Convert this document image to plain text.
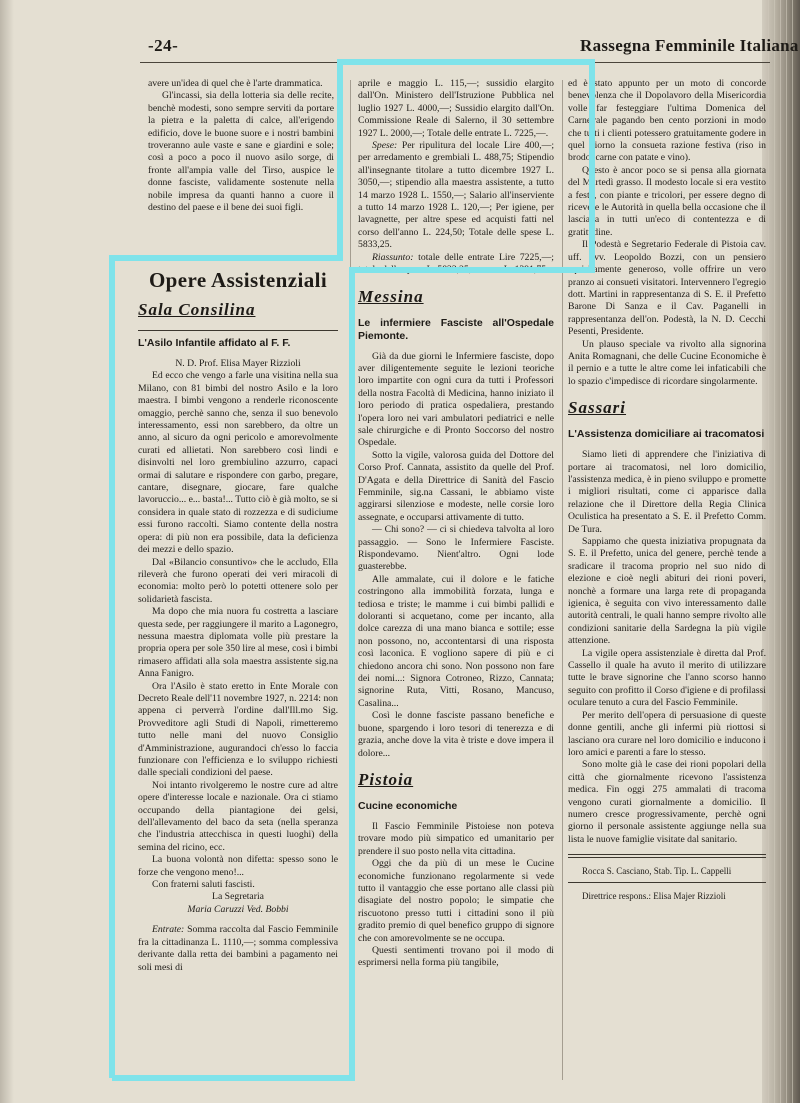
-24-	Rassegna Femminile Italiana

avere un'idea di quel che è l'arte drammatica.

Gl'incassi, sia della lotteria sia delle recite, benchè modesti, sono sempre serviti da portare la pietra e la paletta di calce, all'erigendo edificio, dove le buone suore e i nostri bambini troveranno aule vaste e sane e giardini e sole; così a poco a poco il nuovo asilo sorge, di fronte all'ampia valle del Tirso, auspice le donne fasciste, validamente sostenute nella nobile impresa da quanti hanno a cuore il destino del paese e il bene dei suoi figli.

Opere Assistenziali
Sala Consilina
L'Asilo Infantile affidato al F. F.

N. D. Prof. Elisa Mayer Rizzioli

Ed ecco che vengo a farle una visitina nella sua Milano, con 81 bimbi del nostro Asilo e la loro maestra. I bimbi vengono a renderle riconoscente omaggio, perchè sanno che, senza il suo benevolo interessamento, essi non sarebbero, da oltre un anno, al sicuro da ogni pericolo e amorevolmente curati ed allietati. Non sarebbero così lindi e disinvolti nel loro grembiulino azzurro, capaci ormai di salutare e rispondere con garbo, pregare, cantare, disegnare, giocare, fare qualche lavoruccio... e... basta!... Tutto ciò è già molto, se si considera in quale stato di rozzezza e di sudiciume essi furono raccolti. Siamo contente della nostra opera: di più non era possibile, data la deficienza dei mezzi e dello spazio.

Dal «Bilancio consuntivo» che le accludo, Ella rileverà che furono operati dei veri miracoli di economia: molto però lo potetti ottenere solo per solidarietà fascista.

Ma dopo che mia nuora fu costretta a lasciare questa sede, per raggiungere il marito a Lagonegro, nessuna maestra diplomata volle più prestare la propria opera per sole 350 lire al mese, così i bimbi rimasero affidati alla sola maestra assistente sig.na Anna Fanigro.

Ora l'Asilo è stato eretto in Ente Morale con Decreto Reale dell'11 novembre 1927, n. 2214: non appena ci perverrà l'ordine dall'Ill.mo Sig. Provveditore agli Studi di Napoli, rimetteremo tutto nelle mani del nuovo Consiglio d'Amministrazione, augurandoci ch'esso lo faccia funzionare con l'efficienza e lo sviluppo richiesti dalle speciali condizioni del paese.

Noi intanto rivolgeremo le nostre cure ad altre opere d'interesse locale e nazionale. Ora ci stiamo occupando della piantagione dei gelsi, dell'allevamento del baco da seta (nella speranza che l'industria attecchisca in questi luoghi) della semina del ricino, ecc.

La buona volontà non difetta: spesso sono le forze che vengono meno!...

Con fraterni saluti fascisti.

La Segretaria

Maria Caruzzi Ved. Bobbi

Entrate: Somma raccolta dal Fascio Femminile fra la cittadinanza L. 1110,—; somma complessiva derivante dalla retta dei bambini a pagamento nei soli mesi di

aprile e maggio L. 115,—; sussidio elargito dall'On. Ministero dell'Istruzione Pubblica nel luglio 1927 L. 4000,—; Sussidio elargito dall'On. Commissione Reale di Salerno, il 30 settembre 1927 L. 2000,—; Totale delle entrate L. 7225,—.

Spese: Per ripulitura del locale Lire 400,—; per arredamento e grembiali L. 488,75; Stipendio all'insegnante titolare a tutto dicembre 1927 L. 3050,—; stipendio alla maestra assistente, a tutto 14 marzo 1928 L. 1550,—; Salario all'inserviente a tutto 14 marzo 1928 L. 120,—; Per igiene, per lavagnette, per altre spese ed acquisti fatti nel corso dell'anno L. 224,50; Totale delle spese L. 5833,25.

Riassunto: totale delle entrate Lire 7225,—; totale delle spese L. 5833,25; avanzo L. 1391,75.

Messina
Le infermiere Fasciste all'Ospedale Piemonte.

Già da due giorni le Infermiere fasciste, dopo aver diligentemente seguite le lezioni teoriche loro impartite con ogni cura da tutti i Professori della nostra Facoltà di Medicina, hanno iniziato il loro periodo di pratica ospedaliera, prestando l'opera loro nei vari ambulatori pediatrici e nelle sale chirurgiche e di Pronto Soccorso del nostro Ospedale.

Sotto la vigile, valorosa guida del Dottore del Corso Prof. Cannata, assistito da quelle del Prof. D'Agata e della Direttrice di Sanità del Fascio Femminile, sig.na Cassani, le abbiamo viste aggirarsi silenziose e modeste, nelle corsie loro assegnate, e occuparsi attivamente di tutto.

— Chi sono? — ci si chiedeva talvolta al loro passaggio. — Sono le Infermiere Fasciste. Rispondevamo. Nient'altro. Ogni lode guasterebbe.

Alle ammalate, cui il dolore e le fatiche costringono alla immobilità forzata, lunga e tediosa e triste; le mamme i cui bimbi pallidi e doloranti si acquetano, come per incanto, alla dolce carezza di una mano bianca e sottile; esse non possono, no, accontentarsi di una risposta così laconica. E vogliono sapere di più e ci chiedono ancora chi sono. Non possono non fare dei nomi...: Signora Cotroneo, Rizzo, Cannata; signorine Ruta, Vitti, Rosano, Mancuso, Casalina...

Così le donne fasciste passano benefiche e buone, spargendo i loro tesori di tenerezza e di grazia, anche dove la vita è triste e dove impera il dolore...

Pistoia
Cucine economiche

Il Fascio Femminile Pistoiese non poteva trovare modo più simpatico ed umanitario per prendere il suo posto nella vita cittadina.

Oggi che da più di un mese le Cucine economiche funzionano regolarmente si vede tutto il vantaggio che esse portano alle classi più disagiate del nostro popolo; le simpatie che riscuotono presso tutti i cittadini sono il più gradito premio di quel benefico gruppo di signore che con amorevolmente se ne occupa.

Questi sentimenti trovano poi il modo di esprimersi nella forma più tangibile,

ed è stato appunto per un moto di concorde benevolenza che il Dopolavoro della Misericordia volle far festeggiare l'ultima Domenica del Carnevale pagando ben cento porzioni in modo che tutti i clienti potessero gratuitamente godere in quel giorno la consueta razione festiva (riso in brodo, carne con patate e vino).

Questo è ancor poco se si pensa alla giornata del Martedì grasso. Il modesto locale si era vestito a festa, con piante e tricolori, per essere degno di ricevere le Autorità in quella bella occasione che il lasciava in tutti un'eco di contentezza e di gratitudine.

Il Podestà e Segretario Federale di Pistoia cav. uff. avv. Leopoldo Bozzi, con un pensiero squisitamente generoso, volle offrire un vero pranzo ai consueti visitatori. Intervennero l'egregio dott. Martini in rappresentanza di S. E. il Prefetto Barone Di Sanza e il Cav. Paganelli in rappresentanza dell'on. Podestà, la N. D. Cecchi Pesenti, Presidente.

Un plauso speciale va rivolto alla signorina Anita Romagnani, che delle Cucine Economiche è il pernio e a tutte le altre come lei infaticabili che lo spazio c'impedisce di ricordare singolarmente.

Sassari
L'Assistenza domiciliare ai tracomatosi

Siamo lieti di apprendere che l'iniziativa di portare ai tracomatosi, nel loro domicilio, l'assistenza medica, è in pieno sviluppo e promette i migliori risultati, come ci apparisce dalla relazione che il Direttore della Regia Clinica Oculistica ha presentato a S. E. il Prefetto Comm. De Tura.

Sappiamo che questa iniziativa propugnata da S. E. il Prefetto, unica del genere, perchè tende a sradicare il tracoma proprio nel suo nido di elezione e cioè negli abituri dei rioni poveri, nonchè a formare una larga rete di propaganda igienica, è seguita con vivo interessamento dalle autorità centrali, le quali hanno sempre rivolto alle condizioni sanitarie della Sardegna la più vigile attenzione.

La vigile opera assistenziale è diretta dal Prof. Cassello il quale ha avuto il merito di utilizzare tutte le brave signorine che l'anno scorso hanno seguito con profitto il Corso d'igiene e di profilassi oculare tenuto a cura del Fascio Femminile.

Per merito dell'opera di persuasione di queste donne gentili, anche gli infermi più riottosi si lasciano ora curare nel loro domicilio e inducono i loro amici e parenti a fare lo stesso.

Sono molte già le case dei rioni popolari della città che giornalmente ricevono l'assistenza medica. Fin oggi 275 ammalati di tracoma vengono curati giornalmente a domicilio. Il numero cresce progressivamente, perchè ogni giorno il personale assistente aggiunge nella sua lista le nuove famiglie visitate dal sanitario.

Rocca S. Casciano, Stab. Tip. L. Cappelli

Direttrice respons.: Elisa Majer Rizzioli
